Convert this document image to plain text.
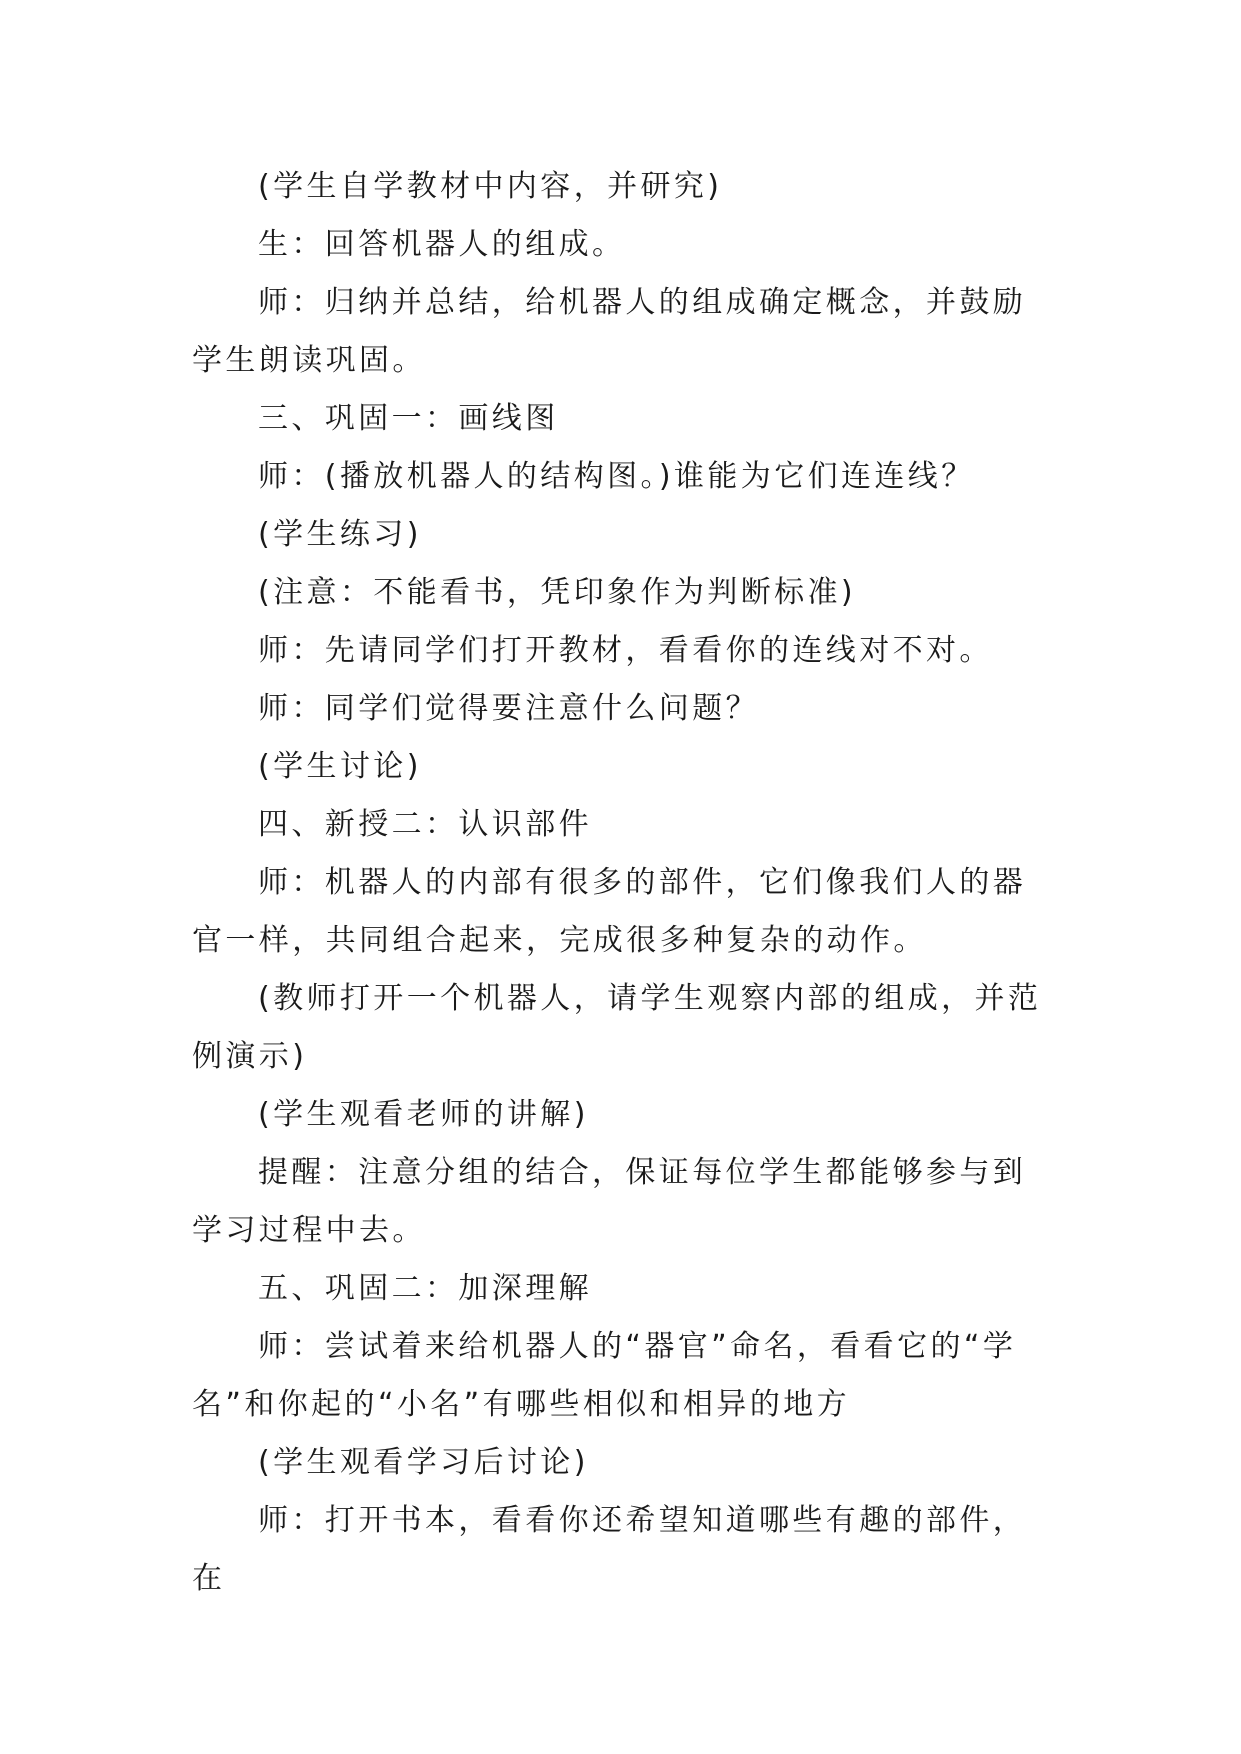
(学生自学教材中内容，并研究)

生：回答机器人的组成。

师：归纳并总结，给机器人的组成确定概念，并鼓励学生朗读巩固。

三、巩固一：画线图

师：(播放机器人的结构图。)谁能为它们连连线？

(学生练习)

(注意：不能看书，凭印象作为判断标准)

师：先请同学们打开教材，看看你的连线对不对。

师：同学们觉得要注意什么问题？

(学生讨论)

四、新授二：认识部件

师：机器人的内部有很多的部件，它们像我们人的器官一样，共同组合起来，完成很多种复杂的动作。

(教师打开一个机器人，请学生观察内部的组成，并范例演示)

(学生观看老师的讲解)

提醒：注意分组的结合，保证每位学生都能够参与到学习过程中去。

五、巩固二：加深理解

师：尝试着来给机器人的“器官”命名，看看它的“学名”和你起的“小名”有哪些相似和相异的地方

(学生观看学习后讨论)

师：打开书本，看看你还希望知道哪些有趣的部件，在
